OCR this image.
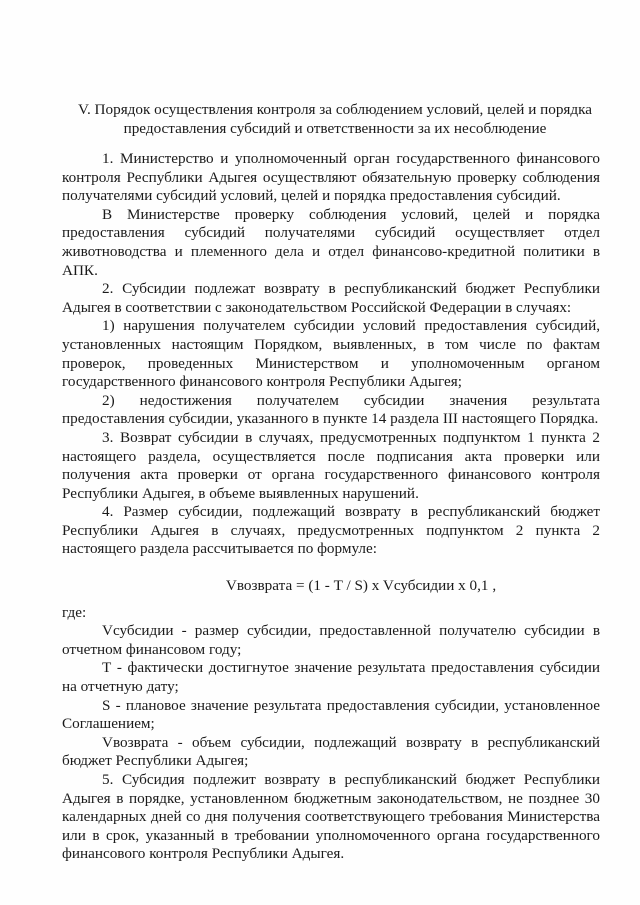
V. Порядок осуществления контроля за соблюдением условий, целей и порядка
предоставления субсидий и ответственности за их несоблюдение

1. Министерство и уполномоченный орган государственного финансового контроля Республики Адыгея осуществляют обязательную проверку соблюдения получателями субсидий условий, целей и порядка предоставления субсидий.

В Министерстве проверку соблюдения условий, целей и порядка предоставления субсидий получателями субсидий осуществляет отдел животноводства и племенного дела и отдел финансово-кредитной политики в АПК.

2. Субсидии подлежат возврату в республиканский бюджет Республики Адыгея в соответствии с законодательством Российской Федерации в случаях:

1) нарушения получателем субсидии условий предоставления субсидий, установленных настоящим Порядком, выявленных, в том числе по фактам проверок, проведенных Министерством и уполномоченным органом государственного финансового контроля Республики Адыгея;

2) недостижения получателем субсидии значения результата предоставления субсидии, указанного в пункте 14 раздела III настоящего Порядка.

3. Возврат субсидии в случаях, предусмотренных подпунктом 1 пункта 2 настоящего раздела, осуществляется после подписания акта проверки или получения акта проверки от органа государственного финансового контроля Республики Адыгея, в объеме выявленных нарушений.

4. Размер субсидии, подлежащий возврату в республиканский бюджет Республики Адыгея в случаях, предусмотренных подпунктом 2 пункта 2 настоящего раздела рассчитывается по формуле:

Vвозврата = (1 - T / S) x Vсубсидии x 0,1 ,

где:

Vсубсидии - размер субсидии, предоставленной получателю субсидии в отчетном финансовом году;

Т - фактически достигнутое значение результата предоставления субсидии на отчетную дату;

S - плановое значение результата предоставления субсидии, установленное Соглашением;

Vвозврата - объем субсидии, подлежащий возврату в республиканский бюджет Республики Адыгея;

5. Субсидия подлежит возврату в республиканский бюджет Республики Адыгея в порядке, установленном бюджетным законодательством, не позднее 30 календарных дней со дня получения соответствующего требования Министерства или в срок, указанный в требовании уполномоченного органа государственного финансового контроля Республики Адыгея.
